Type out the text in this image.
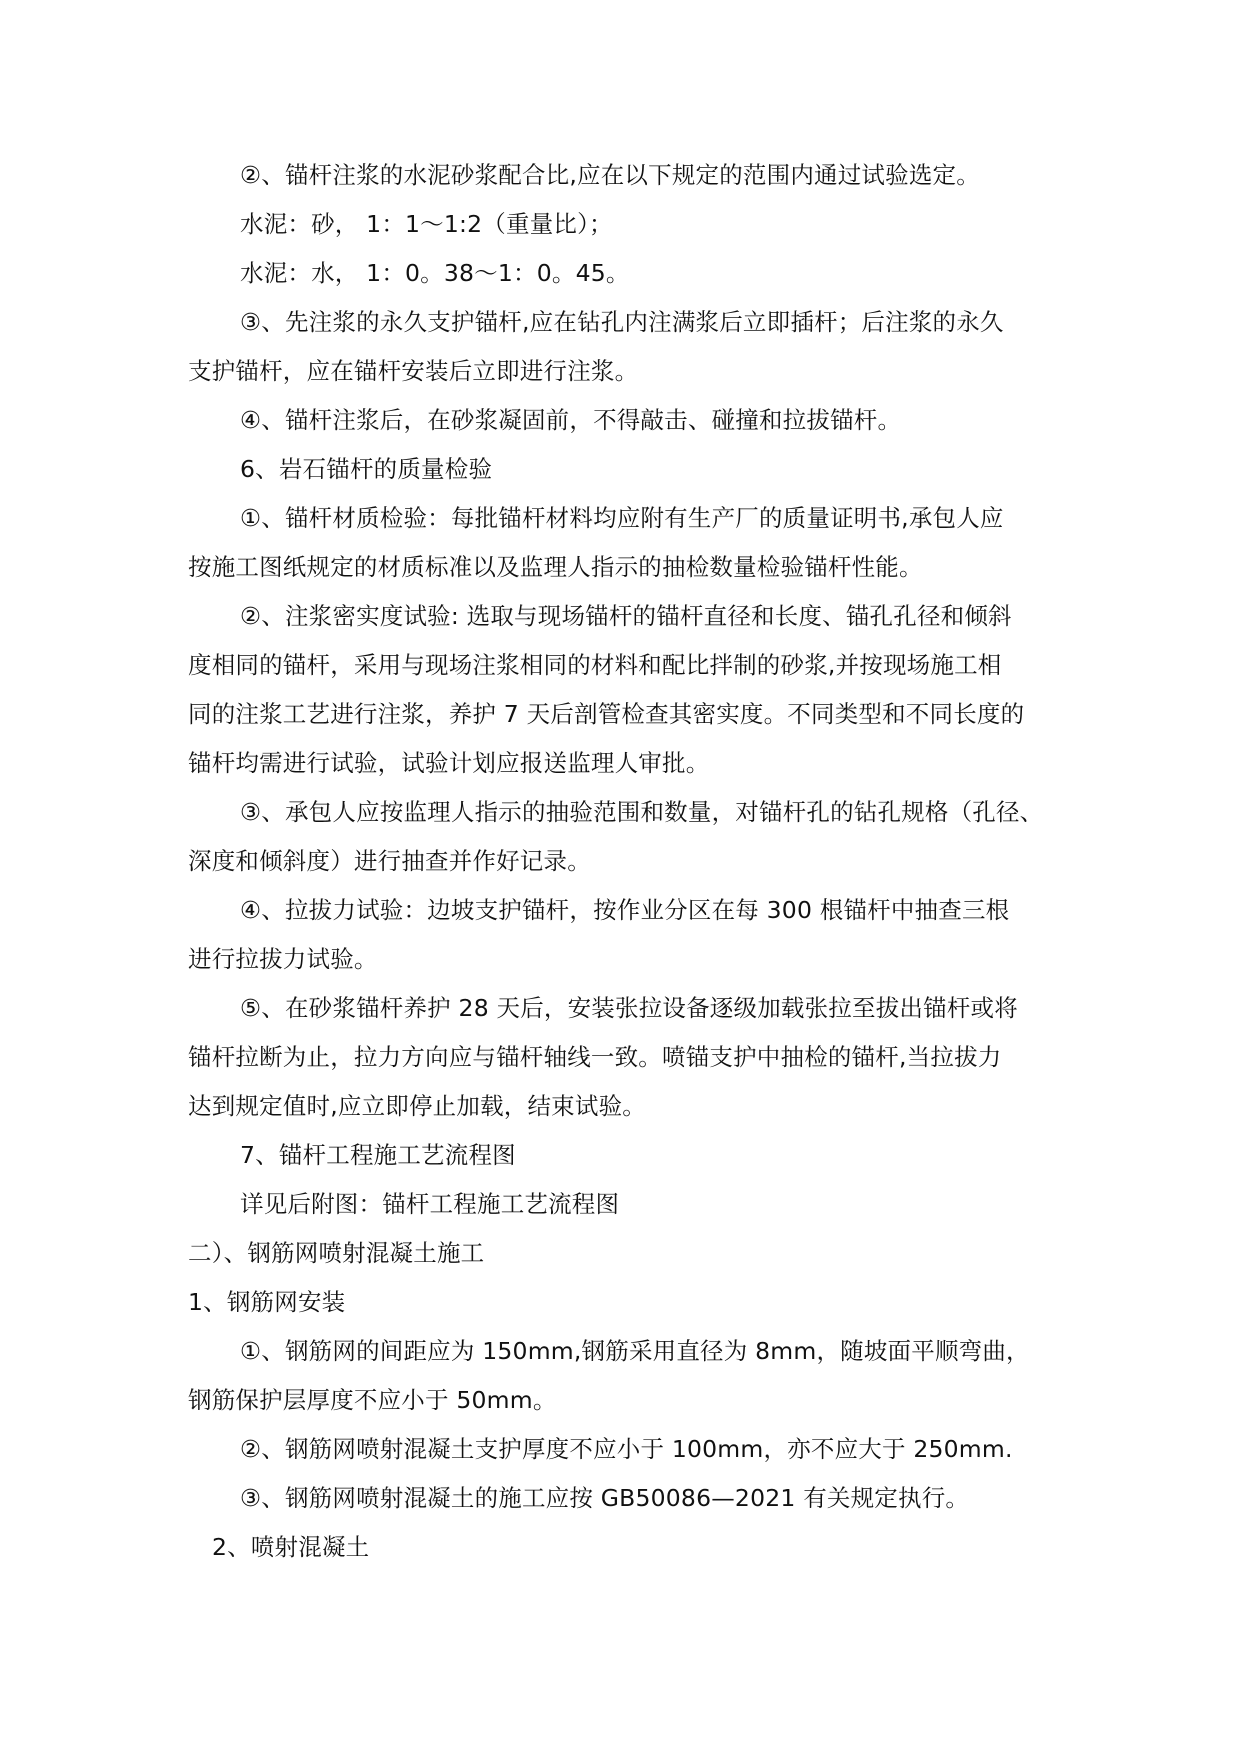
②、锚杆注浆的水泥砂浆配合比,应在以下规定的范围内通过试验选定。

水泥：砂， 1：1～1:2（重量比）；

水泥：水， 1：0。38～1：0。45。

③、先注浆的永久支护锚杆,应在钻孔内注满浆后立即插杆；后注浆的永久
支护锚杆，应在锚杆安装后立即进行注浆。

④、锚杆注浆后，在砂浆凝固前，不得敲击、碰撞和拉拔锚杆。

6、岩石锚杆的质量检验

①、锚杆材质检验：每批锚杆材料均应附有生产厂的质量证明书,承包人应
按施工图纸规定的材质标准以及监理人指示的抽检数量检验锚杆性能。

②、注浆密实度试验: 选取与现场锚杆的锚杆直径和长度、锚孔孔径和倾斜
度相同的锚杆，采用与现场注浆相同的材料和配比拌制的砂浆,并按现场施工相
同的注浆工艺进行注浆，养护 7 天后剖管检查其密实度。不同类型和不同长度的
锚杆均需进行试验，试验计划应报送监理人审批。

③、承包人应按监理人指示的抽验范围和数量，对锚杆孔的钻孔规格（孔径、
深度和倾斜度）进行抽查并作好记录。

④、拉拔力试验：边坡支护锚杆，按作业分区在每 300 根锚杆中抽查三根
进行拉拔力试验。

⑤、在砂浆锚杆养护 28 天后，安装张拉设备逐级加载张拉至拔出锚杆或将
锚杆拉断为止，拉力方向应与锚杆轴线一致。喷锚支护中抽检的锚杆,当拉拔力
达到规定值时,应立即停止加载，结束试验。

7、锚杆工程施工艺流程图

详见后附图：锚杆工程施工艺流程图

二）、钢筋网喷射混凝土施工

1、钢筋网安装

①、钢筋网的间距应为 150mm,钢筋采用直径为 8mm，随坡面平顺弯曲，
钢筋保护层厚度不应小于 50mm。

②、钢筋网喷射混凝土支护厚度不应小于 100mm，亦不应大于 250mm.

③、钢筋网喷射混凝土的施工应按 GB50086—2021 有关规定执行。

2、喷射混凝土
